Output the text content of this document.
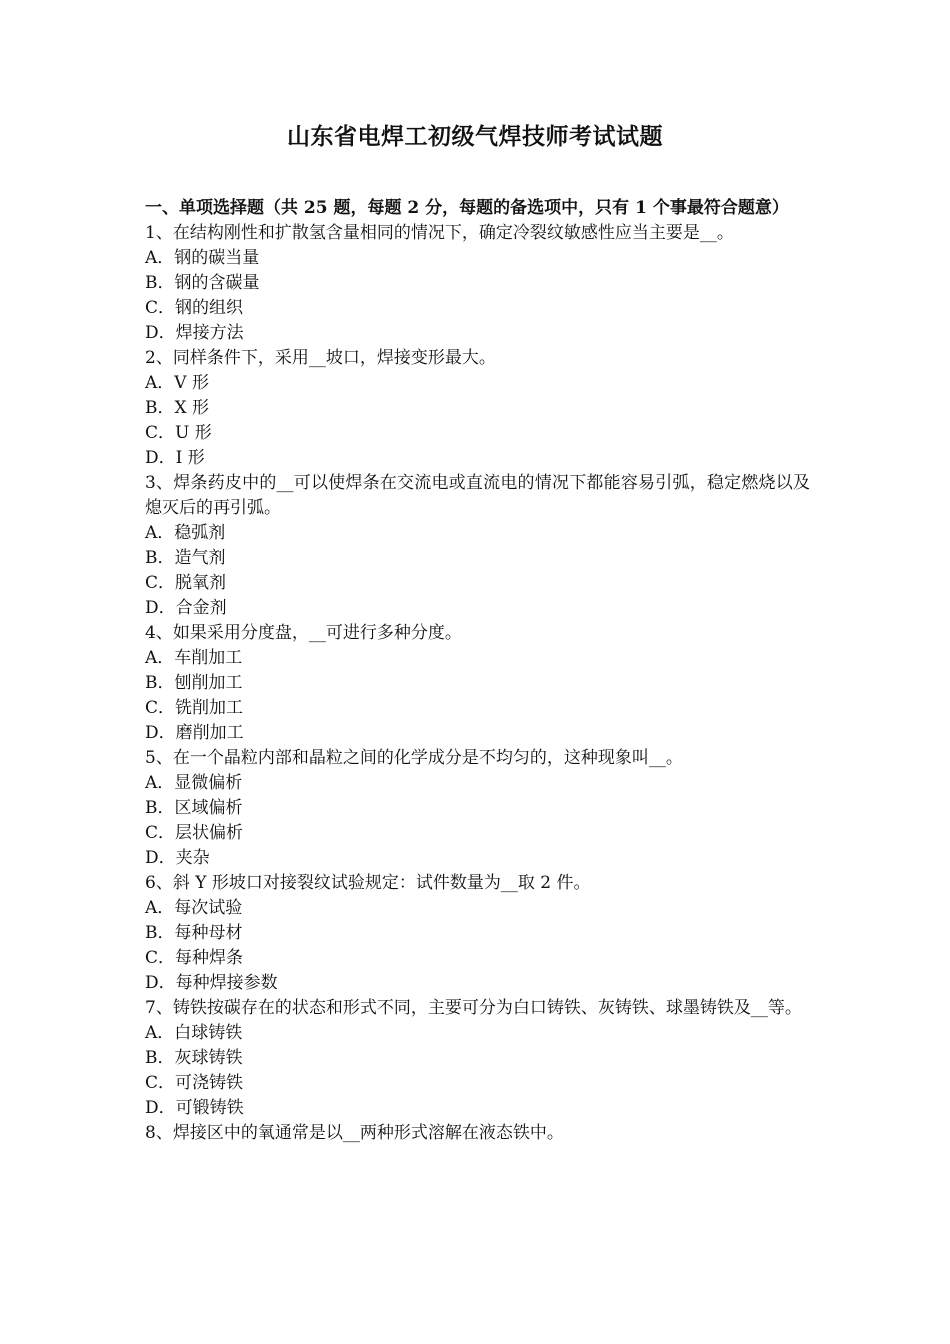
山东省电焊工初级气焊技师考试试题
一、单项选择题（共 25 题，每题 2 分，每题的备选项中，只有 1 个事最符合题意）
1、在结构刚性和扩散氢含量相同的情况下，确定冷裂纹敏感性应当主要是__。
A．钢的碳当量
B．钢的含碳量
C．钢的组织
D．焊接方法
2、同样条件下，采用__坡口，焊接变形最大。
A．V 形
B．X 形
C．U 形
D．I 形
3、焊条药皮中的__可以使焊条在交流电或直流电的情况下都能容易引弧，稳定燃烧以及熄灭后的再引弧。
A．稳弧剂
B．造气剂
C．脱氧剂
D．合金剂
4、如果采用分度盘，__可进行多种分度。
A．车削加工
B．刨削加工
C．铣削加工
D．磨削加工
5、在一个晶粒内部和晶粒之间的化学成分是不均匀的，这种现象叫__。
A．显微偏析
B．区域偏析
C．层状偏析
D．夹杂
6、斜 Y 形坡口对接裂纹试验规定：试件数量为__取 2 件。
A．每次试验
B．每种母材
C．每种焊条
D．每种焊接参数
7、铸铁按碳存在的状态和形式不同，主要可分为白口铸铁、灰铸铁、球墨铸铁及__等。
A．白球铸铁
B．灰球铸铁
C．可浇铸铁
D．可锻铸铁
8、焊接区中的氧通常是以__两种形式溶解在液态铁中。
